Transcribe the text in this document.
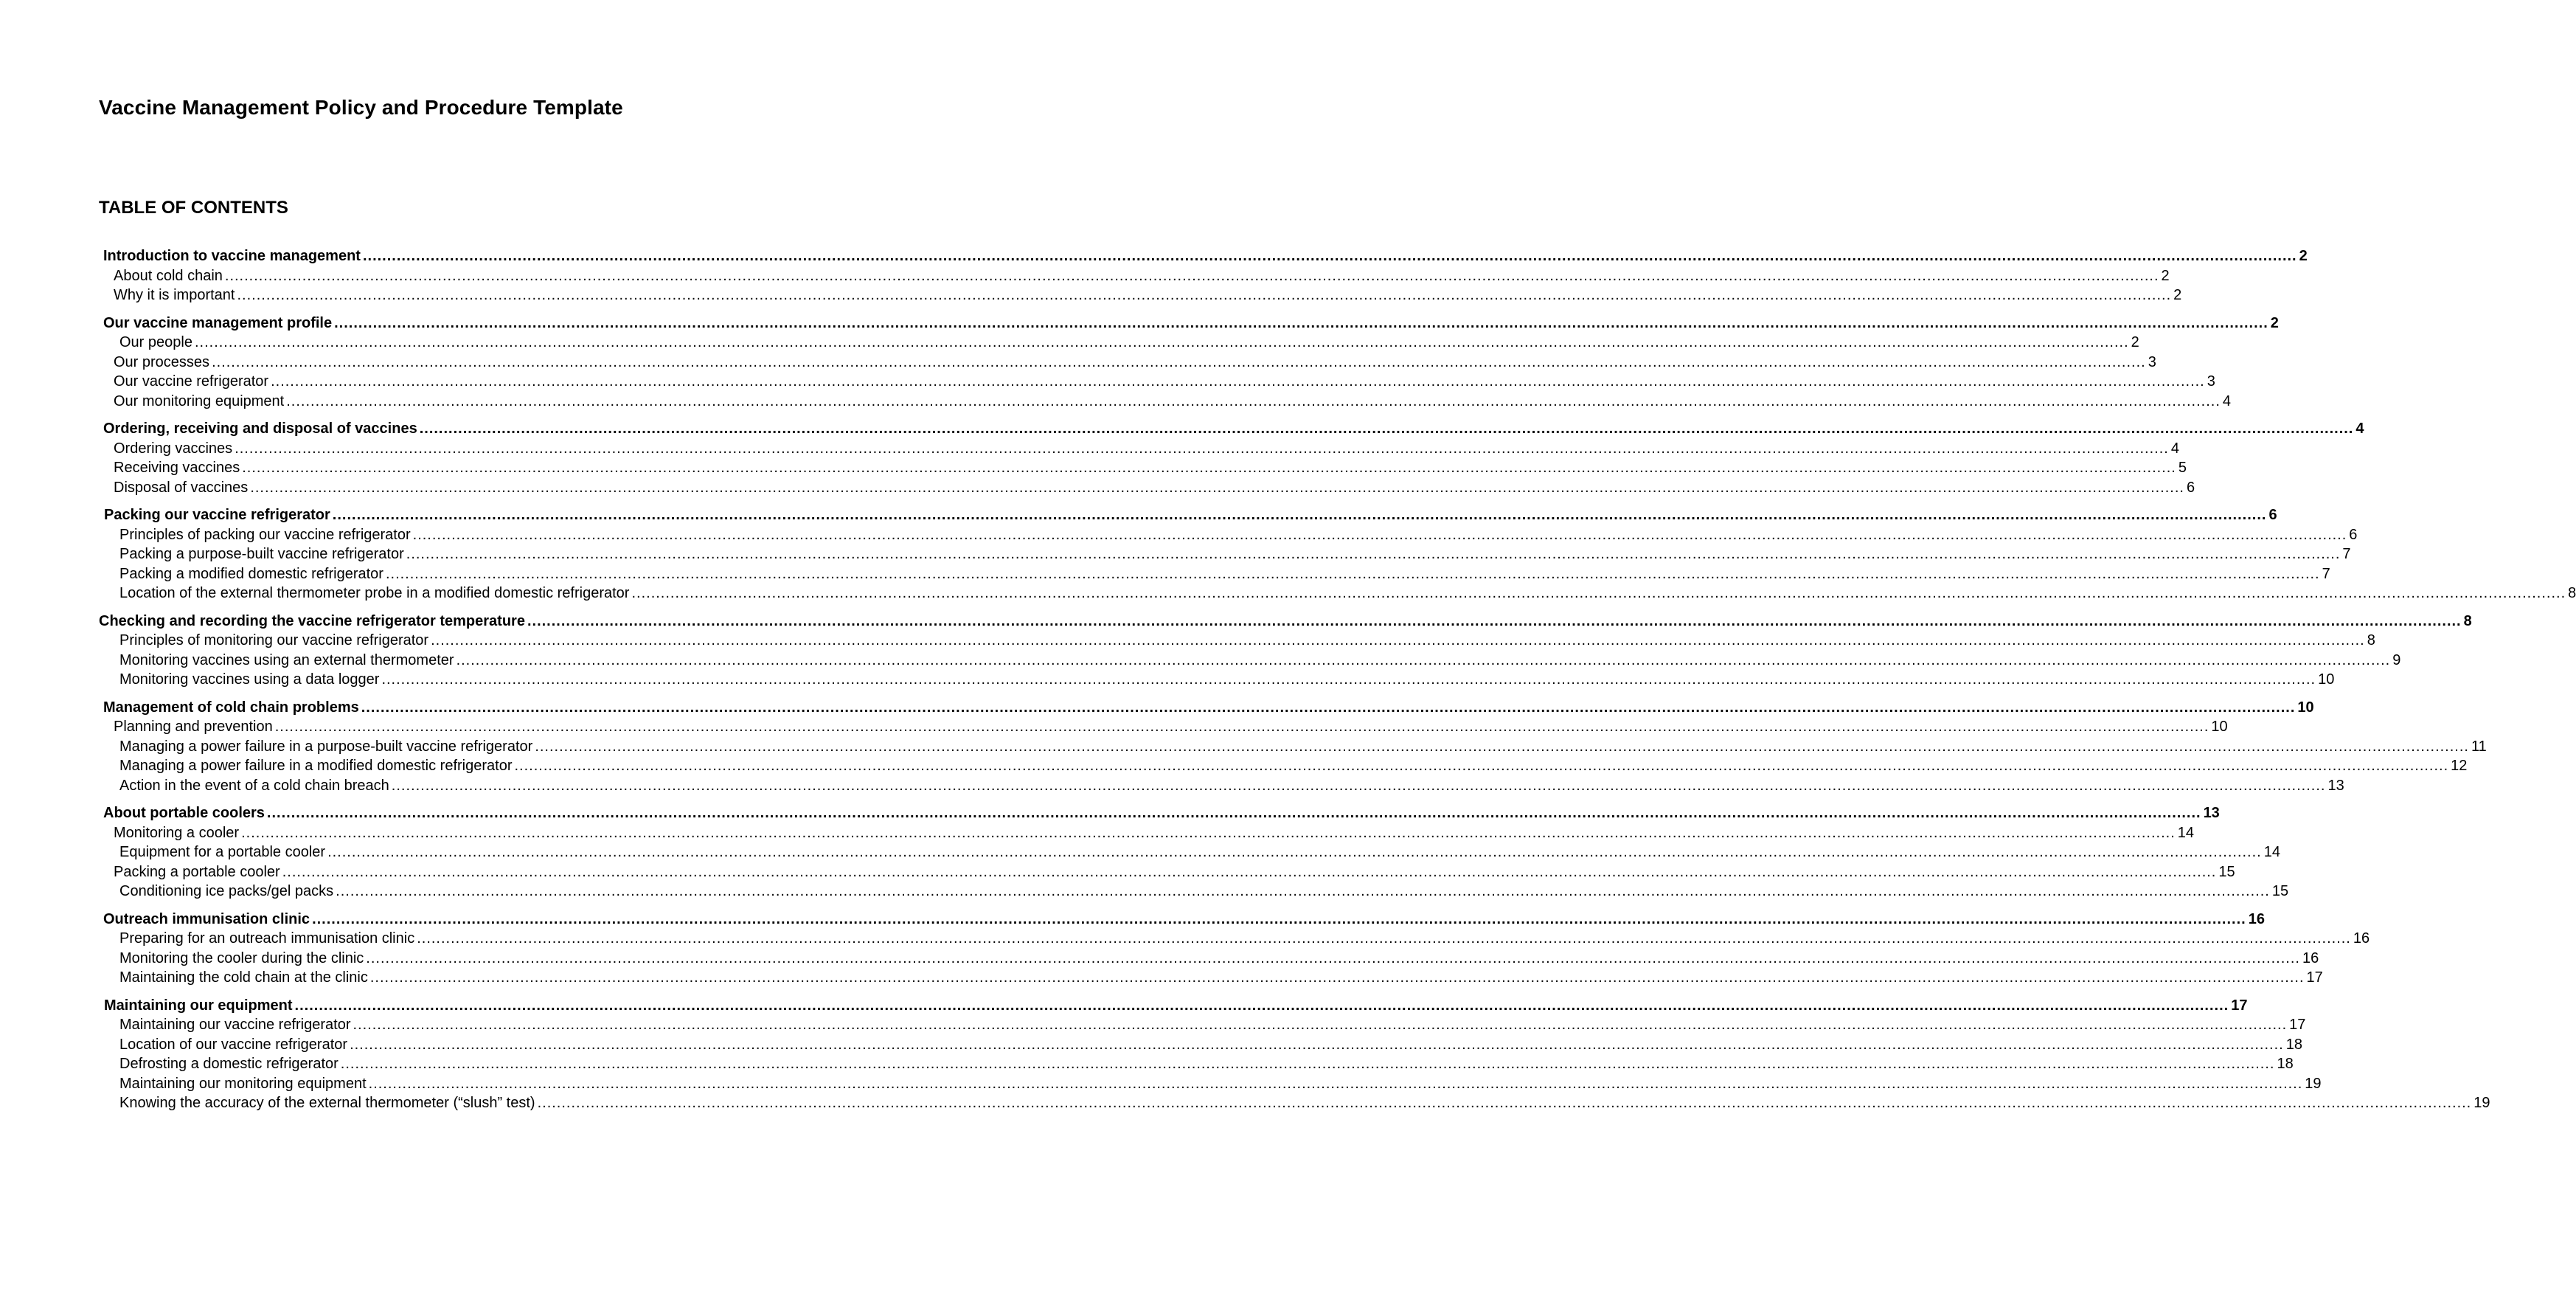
Vaccine Management Policy and Procedure Template
TABLE OF CONTENTS
Introduction to vaccine management ................................................................................................................................................................................................................................................................................................................................................................................................................ 2
About cold chain ................................................................................................................................................................................................................................................................................................................................................................................................................ 2
Why it is important ................................................................................................................................................................................................................................................................................................................................................................................................................ 2
Our vaccine management profile ................................................................................................................................................................................................................................................................................................................................................................................................................ 2
Our people ................................................................................................................................................................................................................................................................................................................................................................................................................ 2
Our processes ................................................................................................................................................................................................................................................................................................................................................................................................................ 3
Our vaccine refrigerator ................................................................................................................................................................................................................................................................................................................................................................................................................ 3
Our monitoring equipment ................................................................................................................................................................................................................................................................................................................................................................................................................ 4
Ordering, receiving and disposal of vaccines ................................................................................................................................................................................................................................................................................................................................................................................................................ 4
Ordering vaccines ................................................................................................................................................................................................................................................................................................................................................................................................................ 4
Receiving vaccines ................................................................................................................................................................................................................................................................................................................................................................................................................ 5
Disposal of vaccines ................................................................................................................................................................................................................................................................................................................................................................................................................ 6
Packing our vaccine refrigerator ................................................................................................................................................................................................................................................................................................................................................................................................................ 6
Principles of packing our vaccine refrigerator ................................................................................................................................................................................................................................................................................................................................................................................................................ 6
Packing a purpose-built vaccine refrigerator ................................................................................................................................................................................................................................................................................................................................................................................................................ 7
Packing a modified domestic refrigerator ................................................................................................................................................................................................................................................................................................................................................................................................................ 7
Location of the external thermometer probe in a modified domestic refrigerator ................................................................................................................................................................................................................................................................................................................................................................................................................ 8
Checking and recording the vaccine refrigerator temperature ................................................................................................................................................................................................................................................................................................................................................................................................................ 8
Principles of monitoring our vaccine refrigerator ................................................................................................................................................................................................................................................................................................................................................................................................................ 8
Monitoring vaccines using an external thermometer ................................................................................................................................................................................................................................................................................................................................................................................................................ 9
Monitoring vaccines using a data logger ................................................................................................................................................................................................................................................................................................................................................................................................................ 10
Management of cold chain problems ................................................................................................................................................................................................................................................................................................................................................................................................................ 10
Planning and prevention ................................................................................................................................................................................................................................................................................................................................................................................................................ 10
Managing a power failure in a purpose-built vaccine refrigerator ................................................................................................................................................................................................................................................................................................................................................................................................................ 11
Managing a power failure in a modified domestic refrigerator ................................................................................................................................................................................................................................................................................................................................................................................................................ 12
Action in the event of a cold chain breach ................................................................................................................................................................................................................................................................................................................................................................................................................ 13
About portable coolers ................................................................................................................................................................................................................................................................................................................................................................................................................ 13
Monitoring a cooler ................................................................................................................................................................................................................................................................................................................................................................................................................ 14
Equipment for a portable cooler ................................................................................................................................................................................................................................................................................................................................................................................................................ 14
Packing a portable cooler ................................................................................................................................................................................................................................................................................................................................................................................................................ 15
Conditioning ice packs/gel packs ................................................................................................................................................................................................................................................................................................................................................................................................................ 15
Outreach immunisation clinic ................................................................................................................................................................................................................................................................................................................................................................................................................ 16
Preparing for an outreach immunisation clinic ................................................................................................................................................................................................................................................................................................................................................................................................................ 16
Monitoring the cooler during the clinic ................................................................................................................................................................................................................................................................................................................................................................................................................ 16
Maintaining the cold chain at the clinic ................................................................................................................................................................................................................................................................................................................................................................................................................ 17
Maintaining our equipment ................................................................................................................................................................................................................................................................................................................................................................................................................ 17
Maintaining our vaccine refrigerator ................................................................................................................................................................................................................................................................................................................................................................................................................ 17
Location of our vaccine refrigerator ................................................................................................................................................................................................................................................................................................................................................................................................................ 18
Defrosting a domestic refrigerator ................................................................................................................................................................................................................................................................................................................................................................................................................ 18
Maintaining our monitoring equipment ................................................................................................................................................................................................................................................................................................................................................................................................................ 19
Knowing the accuracy of the external thermometer (“slush” test) ................................................................................................................................................................................................................................................................................................................................................................................................................ 19
